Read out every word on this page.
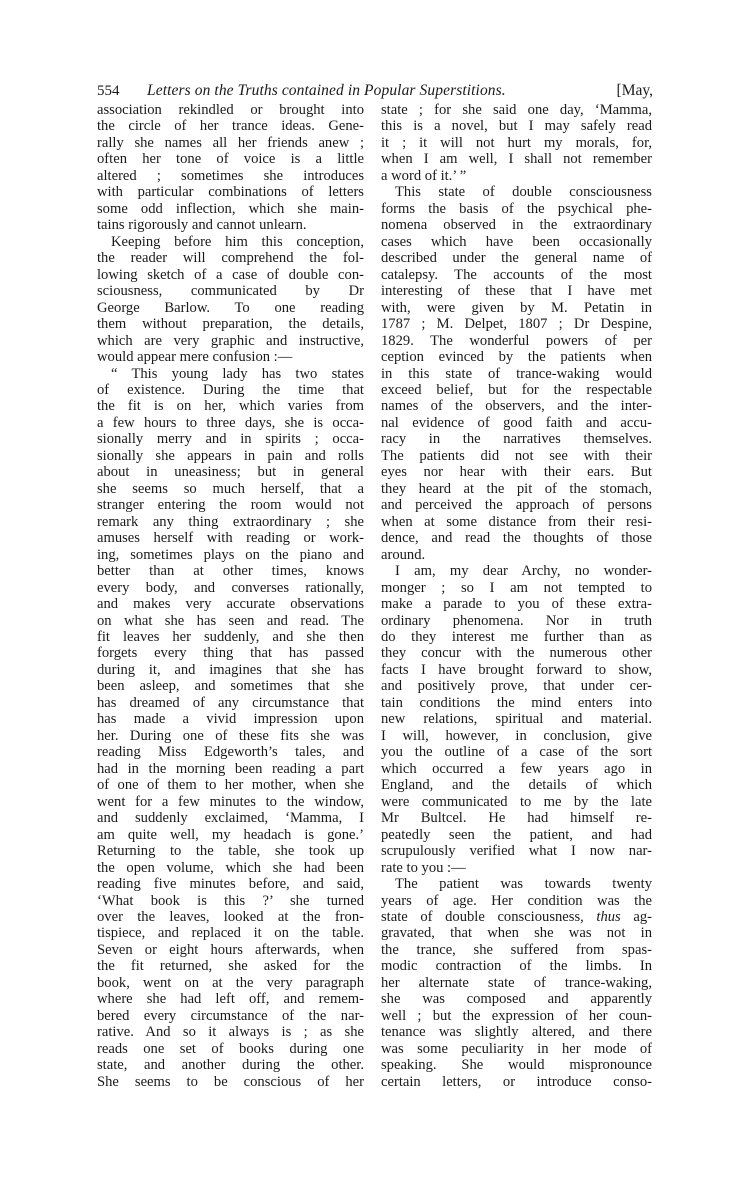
554 Letters on the Truths contained in Popular Superstitions.	[May,
association rekindled or brought into
the circle of her trance ideas. Gene-
rally she names all her friends anew ;
often her tone of voice is a little
altered ; sometimes she introduces
with particular combinations of letters
some odd inflection, which she main-
tains rigorously and cannot unlearn.
Keeping before him this conception,
the reader will comprehend the fol-
lowing sketch of a case of double con-
sciousness, communicated by Dr
George Barlow. To one reading
them without preparation, the details,
which are very graphic and instructive,
would appear mere confusion :—
“ This young lady has two states
of existence. During the time that
the fit is on her, which varies from
a few hours to three days, she is occa-
sionally merry and in spirits ; occa-
sionally she appears in pain and rolls
about in uneasiness; but in general
she seems so much herself, that a
stranger entering the room would not
remark any thing extraordinary ; she
amuses herself with reading or work-
ing, sometimes plays on the piano and
better than at other times, knows
every body, and converses rationally,
and makes very accurate observations
on what she has seen and read. The
fit leaves her suddenly, and she then
forgets every thing that has passed
during it, and imagines that she has
been asleep, and sometimes that she
has dreamed of any circumstance that
has made a vivid impression upon
her. During one of these fits she was
reading Miss Edgeworth’s tales, and
had in the morning been reading a part
of one of them to her mother, when she
went for a few minutes to the window,
and suddenly exclaimed, ‘Mamma, I
am quite well, my headach is gone.’
Returning to the table, she took up
the open volume, which she had been
reading five minutes before, and said,
‘What book is this ?’ she turned
over the leaves, looked at the fron-
tispiece, and replaced it on the table.
Seven or eight hours afterwards, when
the fit returned, she asked for the
book, went on at the very paragraph
where she had left off, and remem-
bered every circumstance of the nar-
rative. And so it always is ; as she
reads one set of books during one
state, and another during the other.
She seems to be conscious of her
state ; for she said one day, ‘Mamma,
this is a novel, but I may safely read
it ; it will not hurt my morals, for,
when I am well, I shall not remember
a word of it.’ ”
This state of double consciousness
forms the basis of the psychical phe-
nomena observed in the extraordinary
cases which have been occasionally
described under the general name of
catalepsy. The accounts of the most
interesting of these that I have met
with, were given by M. Petatin in
1787 ; M. Delpet, 1807 ; Dr Despine,
1829. The wonderful powers of per
ception evinced by the patients when
in this state of trance-waking would
exceed belief, but for the respectable
names of the observers, and the inter-
nal evidence of good faith and accu-
racy in the narratives themselves.
The patients did not see with their
eyes nor hear with their ears. But
they heard at the pit of the stomach,
and perceived the approach of persons
when at some distance from their resi-
dence, and read the thoughts of those
around.
I am, my dear Archy, no wonder-
monger ; so I am not tempted to
make a parade to you of these extra-
ordinary phenomena. Nor in truth
do they interest me further than as
they concur with the numerous other
facts I have brought forward to show,
and positively prove, that under cer-
tain conditions the mind enters into
new relations, spiritual and material.
I will, however, in conclusion, give
you the outline of a case of the sort
which occurred a few years ago in
England, and the details of which
were communicated to me by the late
Mr Bultcel. He had himself re-
peatedly seen the patient, and had
scrupulously verified what I now nar-
rate to you :—
The patient was towards twenty
years of age. Her condition was the
state of double consciousness, thus ag-
gravated, that when she was not in
the trance, she suffered from spas-
modic contraction of the limbs. In
her alternate state of trance-waking,
she was composed and apparently
well ; but the expression of her coun-
tenance was slightly altered, and there
was some peculiarity in her mode of
speaking. She would mispronounce
certain letters, or introduce conso-
